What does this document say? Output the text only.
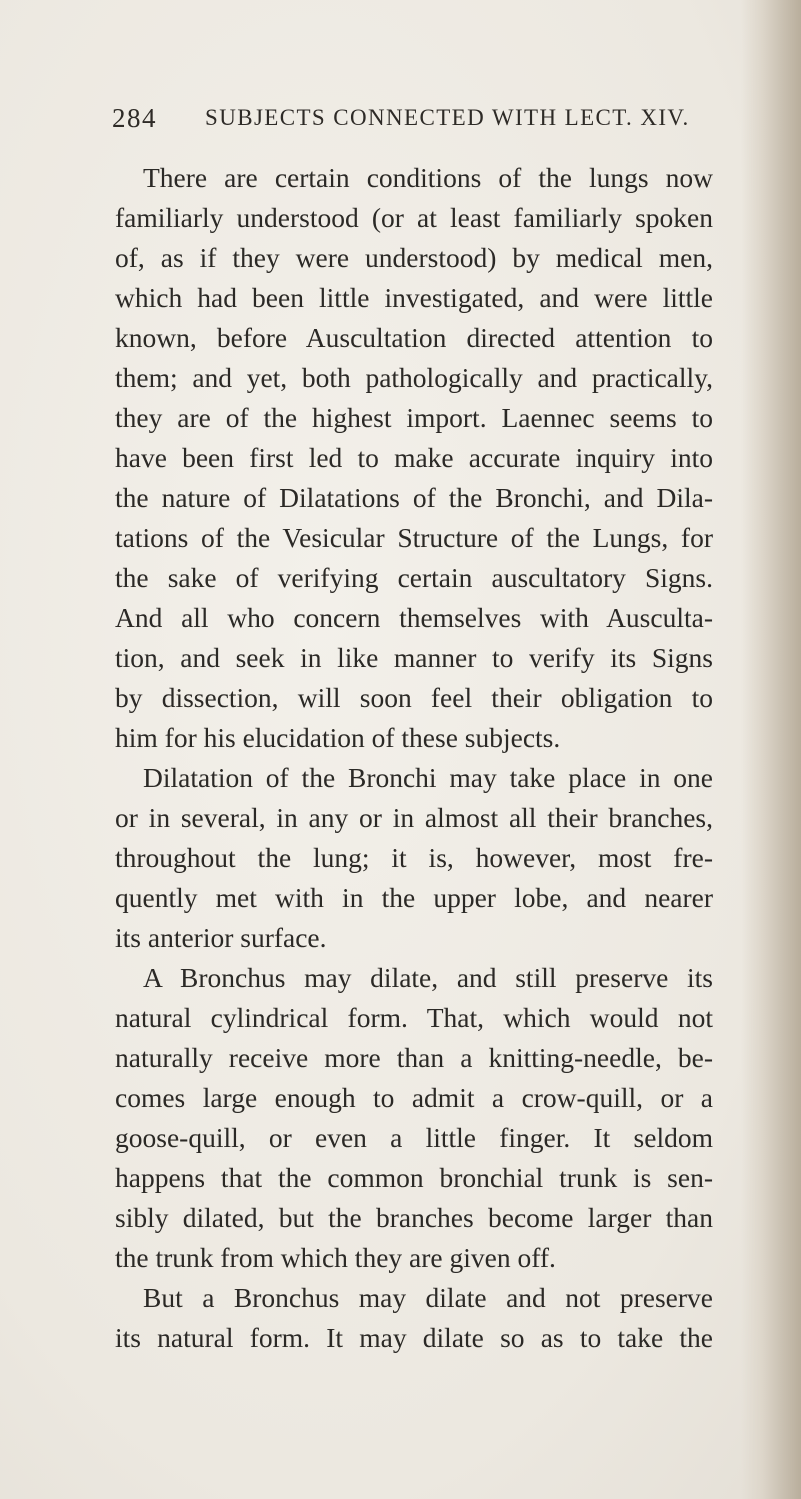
284 SUBJECTS CONNECTED WITH LECT. XIV.
There are certain conditions of the lungs now
familiarly understood (or at least familiarly spoken
of, as if they were understood) by medical men,
which had been little investigated, and were little
known, before Auscultation directed attention to
them; and yet, both pathologically and practically,
they are of the highest import. Laennec seems to
have been first led to make accurate inquiry into
the nature of Dilatations of the Bronchi, and Dila-
tations of the Vesicular Structure of the Lungs, for
the sake of verifying certain auscultatory Signs.
And all who concern themselves with Ausculta-
tion, and seek in like manner to verify its Signs
by dissection, will soon feel their obligation to
him for his elucidation of these subjects.
Dilatation of the Bronchi may take place in one
or in several, in any or in almost all their branches,
throughout the lung; it is, however, most fre-
quently met with in the upper lobe, and nearer
its anterior surface.
A Bronchus may dilate, and still preserve its
natural cylindrical form. That, which would not
naturally receive more than a knitting-needle, be-
comes large enough to admit a crow-quill, or a
goose-quill, or even a little finger. It seldom
happens that the common bronchial trunk is sen-
sibly dilated, but the branches become larger than
the trunk from which they are given off.
But a Bronchus may dilate and not preserve
its natural form. It may dilate so as to take the
